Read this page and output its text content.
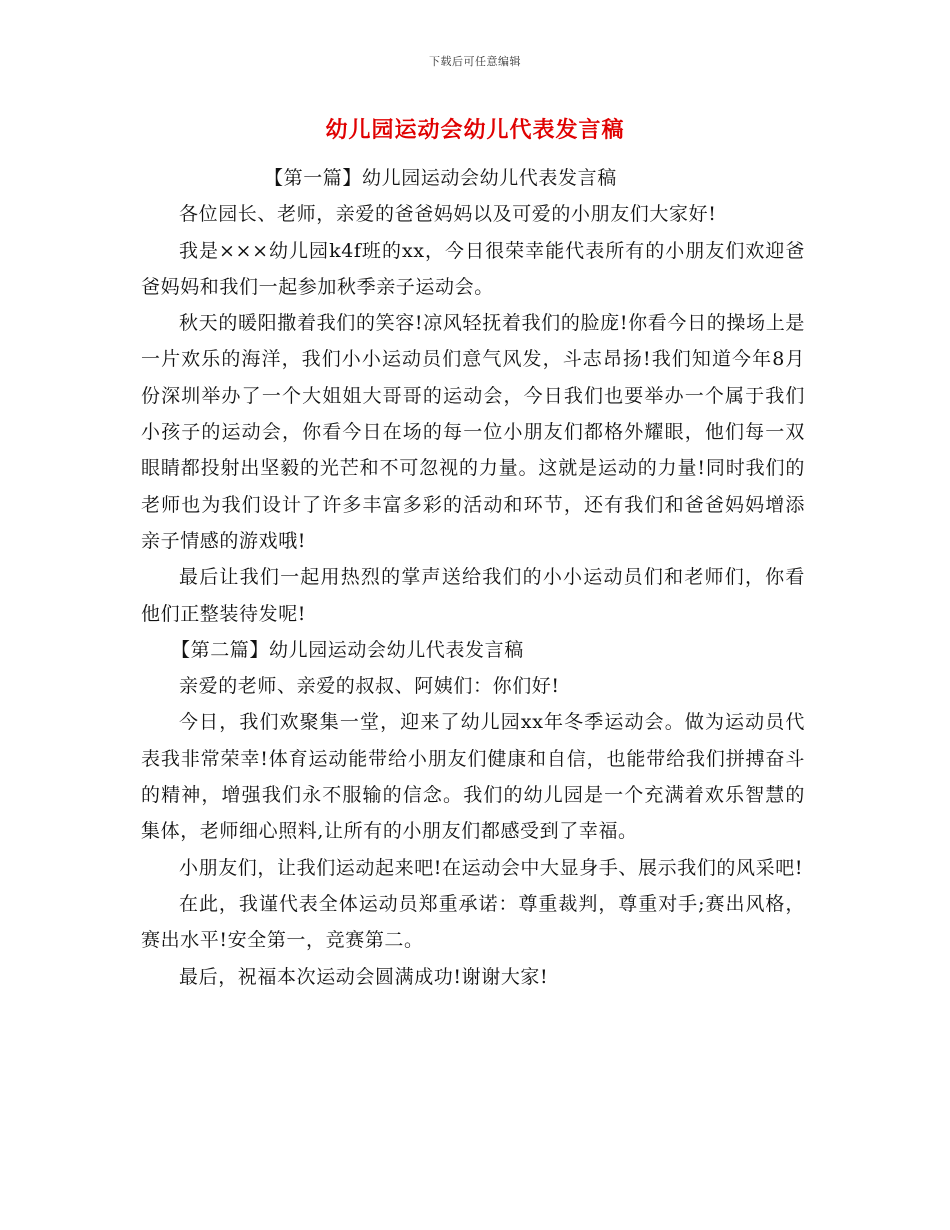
下载后可任意编辑
幼儿园运动会幼儿代表发言稿

【第一篇】幼儿园运动会幼儿代表发言稿

各位园长、老师，亲爱的爸爸妈妈以及可爱的小朋友们大家好!

我是×××幼儿园k4f班的xx，今日很荣幸能代表所有的小朋友们欢迎爸爸妈妈和我们一起参加秋季亲子运动会。

秋天的暖阳撒着我们的笑容!凉风轻抚着我们的脸庞!你看今日的操场上是一片欢乐的海洋，我们小小运动员们意气风发，斗志昂扬!我们知道今年8月份深圳举办了一个大姐姐大哥哥的运动会，今日我们也要举办一个属于我们小孩子的运动会，你看今日在场的每一位小朋友们都格外耀眼，他们每一双眼睛都投射出坚毅的光芒和不可忽视的力量。这就是运动的力量!同时我们的老师也为我们设计了许多丰富多彩的活动和环节，还有我们和爸爸妈妈增添亲子情感的游戏哦!

最后让我们一起用热烈的掌声送给我们的小小运动员们和老师们，你看他们正整装待发呢!

【第二篇】幼儿园运动会幼儿代表发言稿

亲爱的老师、亲爱的叔叔、阿姨们：你们好!

今日，我们欢聚集一堂，迎来了幼儿园xx年冬季运动会。做为运动员代表我非常荣幸!体育运动能带给小朋友们健康和自信，也能带给我们拼搏奋斗的精神，增强我们永不服输的信念。我们的幼儿园是一个充满着欢乐智慧的集体，老师细心照料,让所有的小朋友们都感受到了幸福。

小朋友们，让我们运动起来吧!在运动会中大显身手、展示我们的风采吧!

在此，我谨代表全体运动员郑重承诺：尊重裁判，尊重对手;赛出风格，赛出水平!安全第一，竞赛第二。

最后，祝福本次运动会圆满成功!谢谢大家!
